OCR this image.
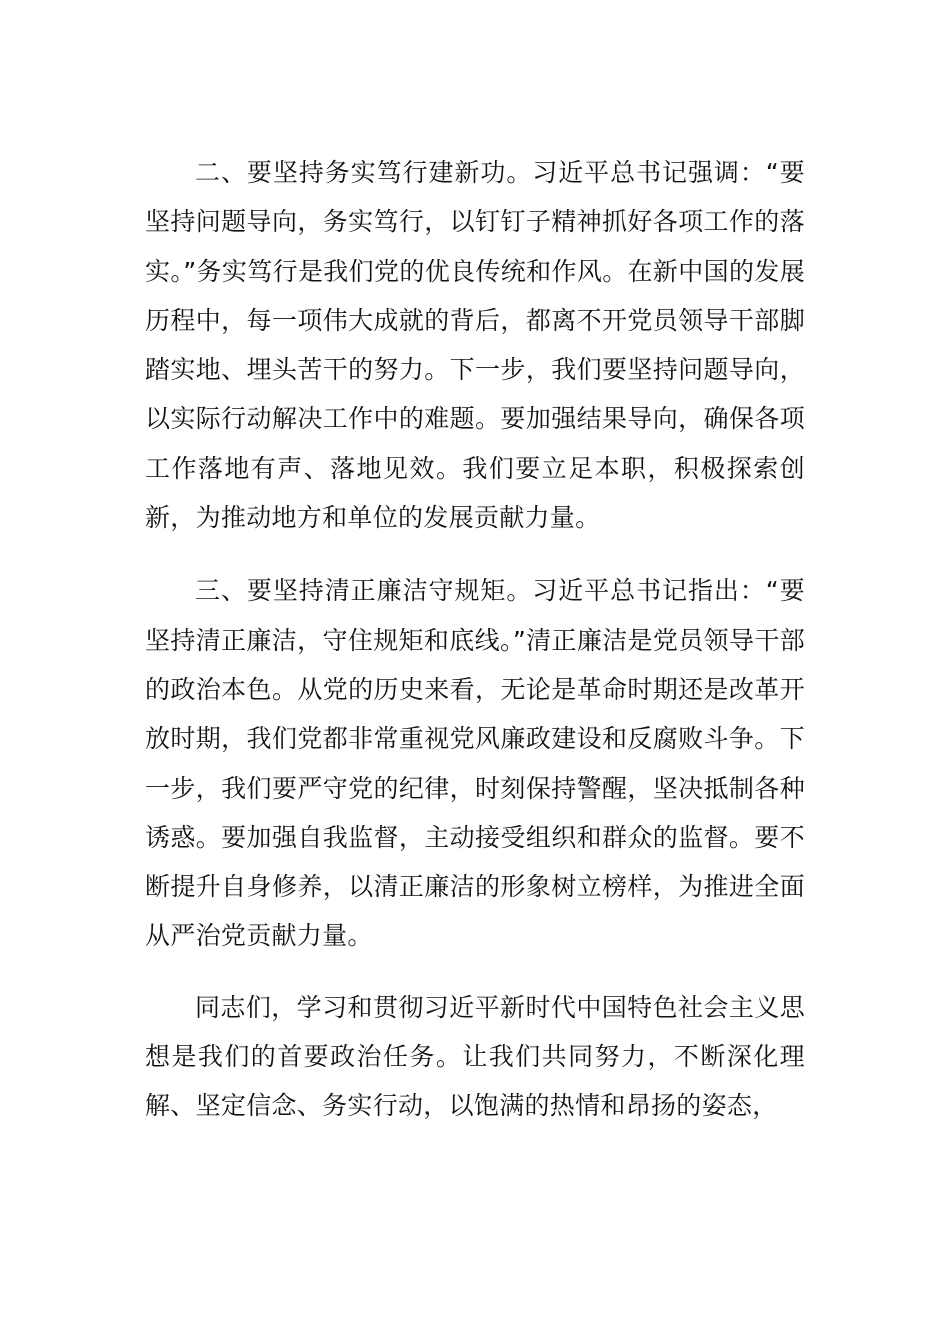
二、要坚持务实笃行建新功。习近平总书记强调：“要坚持问题导向，务实笃行，以钉钉子精神抓好各项工作的落实。”务实笃行是我们党的优良传统和作风。在新中国的发展历程中，每一项伟大成就的背后，都离不开党员领导干部脚踏实地、埋头苦干的努力。下一步，我们要坚持问题导向，以实际行动解决工作中的难题。要加强结果导向，确保各项工作落地有声、落地见效。我们要立足本职，积极探索创新，为推动地方和单位的发展贡献力量。

三、要坚持清正廉洁守规矩。习近平总书记指出：“要坚持清正廉洁，守住规矩和底线。”清正廉洁是党员领导干部的政治本色。从党的历史来看，无论是革命时期还是改革开放时期，我们党都非常重视党风廉政建设和反腐败斗争。下一步，我们要严守党的纪律，时刻保持警醒，坚决抵制各种诱惑。要加强自我监督，主动接受组织和群众的监督。要不断提升自身修养，以清正廉洁的形象树立榜样，为推进全面从严治党贡献力量。

同志们，学习和贯彻习近平新时代中国特色社会主义思想是我们的首要政治任务。让我们共同努力，不断深化理解、坚定信念、务实行动，以饱满的热情和昂扬的姿态，
